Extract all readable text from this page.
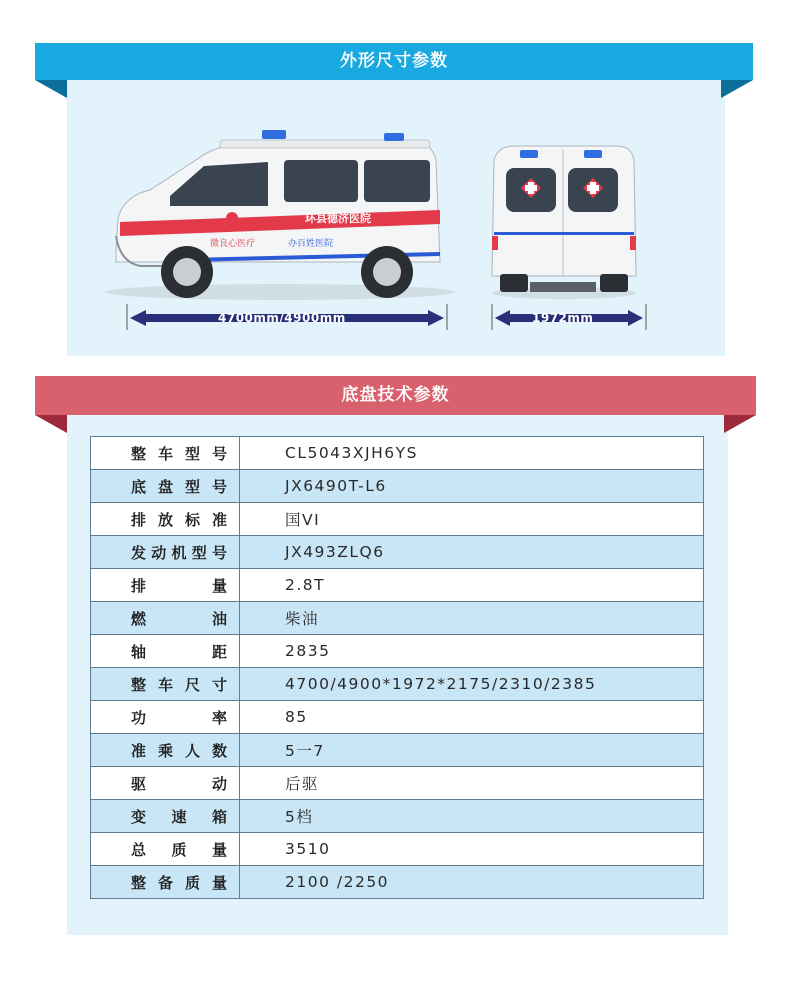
外形尺寸参数
环县德济医院
微良心医疗	办百姓医院
4700mm/4900mm	1972mm
底盘技术参数
整 车 型 号	CL5043XJH6YS

底 盘 型 号	JX6490T-L6

排 放 标 准	国VI

发 动 机 型 号	JX493ZLQ6

排 量	2.8T

燃 油	柴油

轴 距	2835

整 车 尺 寸	4700/4900*1972*2175/2310/2385

功 率	85

准 乘 人 数	5一7

驱 动	后驱

变 速 箱	5档

总 质 量	3510

整 备 质 量	2100 /2250
